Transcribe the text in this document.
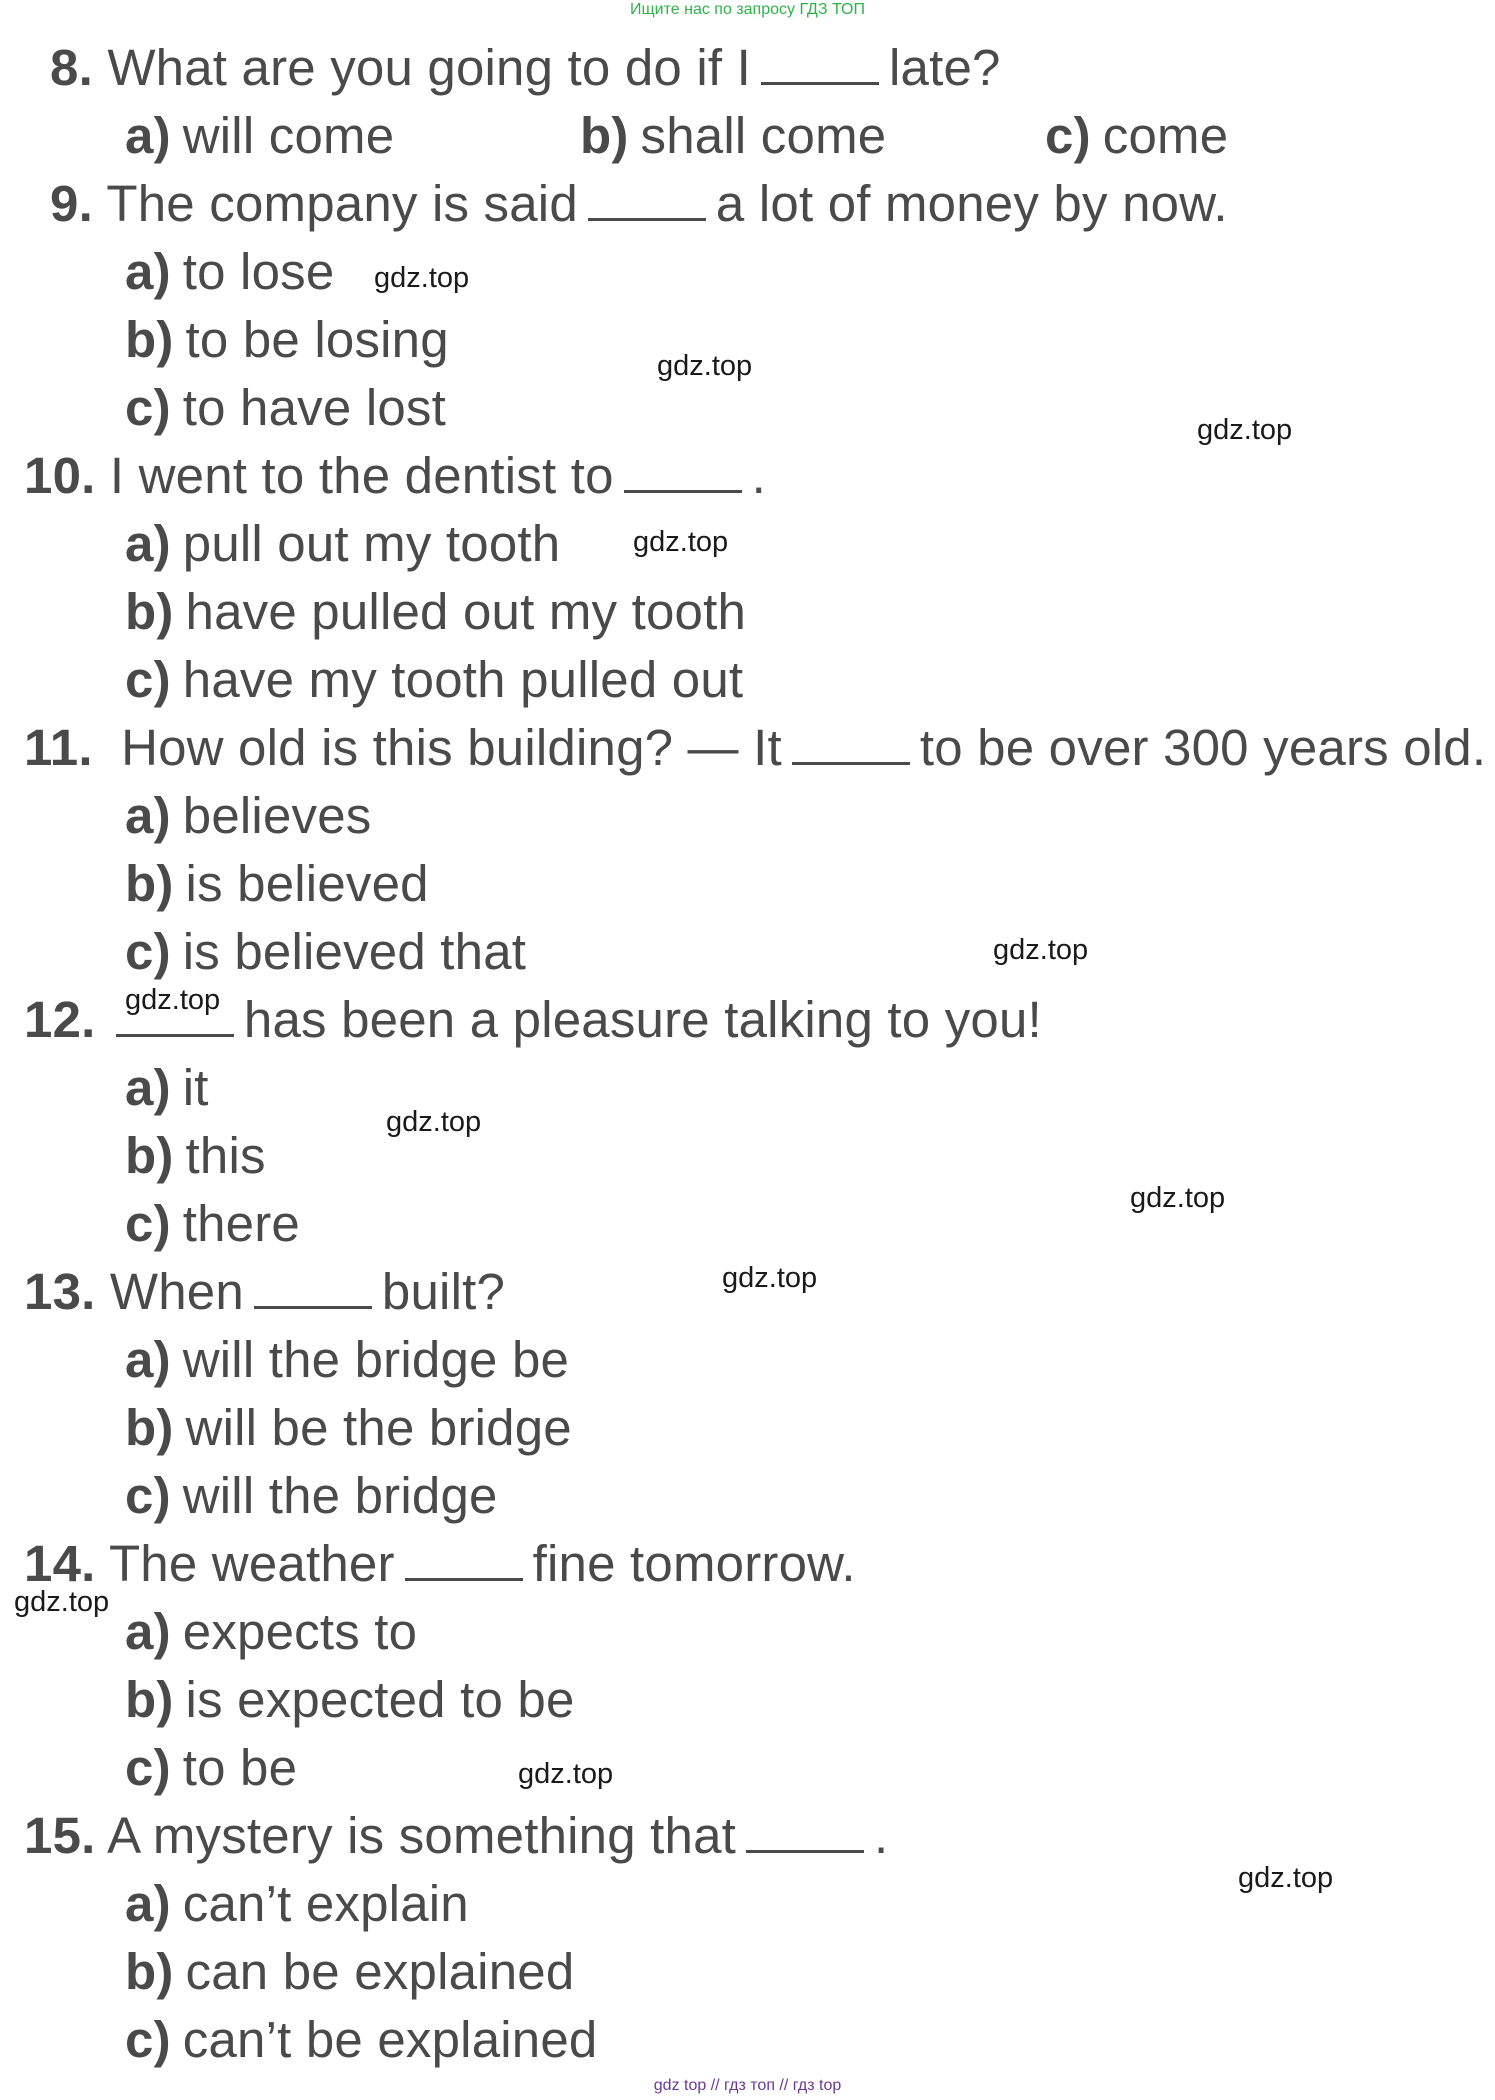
Ищите нас по запросу ГДЗ ТОП
8. What are you going to do if I	late?
a) will come	b) shall come	c) come
9. The company is said	a lot of money by now.
a) to lose
b) to be losing
c) to have lost
10. I went to the dentist to	.
a) pull out my tooth
b) have pulled out my tooth
c) have my tooth pulled out
11. How old is this building? — It	to be over 300 years old.
a) believes
b) is believed
c) is believed that
12.	has been a pleasure talking to you!
a) it
b) this
c) there
13. When	built?
a) will the bridge be
b) will be the bridge
c) will the bridge
14. The weather	fine tomorrow.
a) expects to
b) is expected to be
c) to be
15. A mystery is something that	.
a) can’t explain
b) can be explained
c) can’t be explained
gdz.top
gdz.top
gdz.top
gdz.top
gdz.top
gdz.top
gdz.top
gdz.top
gdz.top
gdz.top
gdz.top
gdz.top
gdz top // гдз топ // гдз top
